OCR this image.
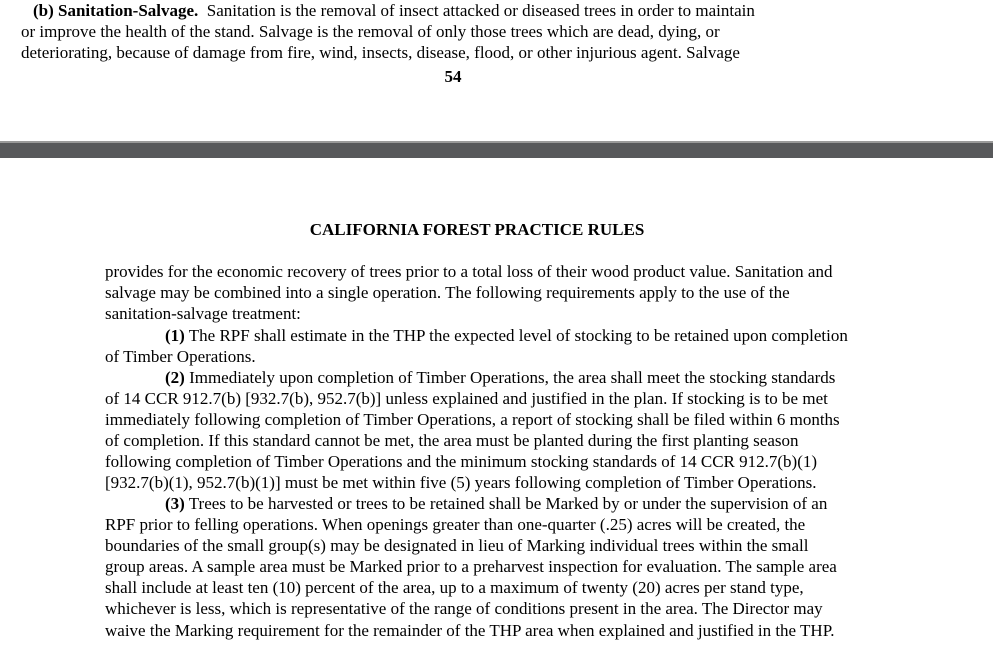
(b) Sanitation-Salvage. Sanitation is the removal of insect attacked or diseased trees in order to maintain
or improve the health of the stand. Salvage is the removal of only those trees which are dead, dying, or
deteriorating, because of damage from fire, wind, insects, disease, flood, or other injurious agent. Salvage
54
CALIFORNIA FOREST PRACTICE RULES
provides for the economic recovery of trees prior to a total loss of their wood product value. Sanitation and
salvage may be combined into a single operation. The following requirements apply to the use of the
sanitation-salvage treatment:
(1) The RPF shall estimate in the THP the expected level of stocking to be retained upon completion
of Timber Operations.
(2) Immediately upon completion of Timber Operations, the area shall meet the stocking standards
of 14 CCR 912.7(b) [932.7(b), 952.7(b)] unless explained and justified in the plan. If stocking is to be met
immediately following completion of Timber Operations, a report of stocking shall be filed within 6 months
of completion. If this standard cannot be met, the area must be planted during the first planting season
following completion of Timber Operations and the minimum stocking standards of 14 CCR 912.7(b)(1)
[932.7(b)(1), 952.7(b)(1)] must be met within five (5) years following completion of Timber Operations.
(3) Trees to be harvested or trees to be retained shall be Marked by or under the supervision of an
RPF prior to felling operations. When openings greater than one-quarter (.25) acres will be created, the
boundaries of the small group(s) may be designated in lieu of Marking individual trees within the small
group areas. A sample area must be Marked prior to a preharvest inspection for evaluation. The sample area
shall include at least ten (10) percent of the area, up to a maximum of twenty (20) acres per stand type,
whichever is less, which is representative of the range of conditions present in the area. The Director may
waive the Marking requirement for the remainder of the THP area when explained and justified in the THP.
